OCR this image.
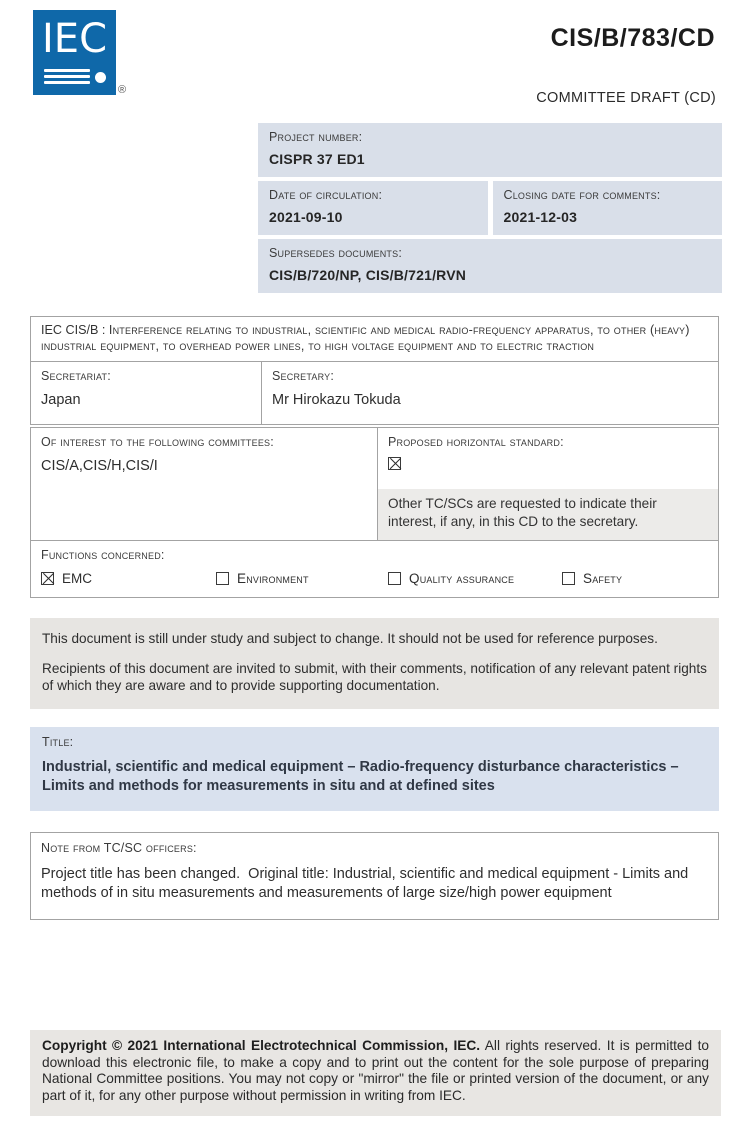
IEC
®
CIS/B/783/CD
COMMITTEE DRAFT (CD)
Project number:
CISPR 37 ED1
Date of circulation:
2021-09-10
Closing date for comments:
2021-12-03
Supersedes documents:
CIS/B/720/NP, CIS/B/721/RVN
IEC CIS/B : Interference relating to industrial, scientific and medical radio-frequency apparatus, to other (heavy) industrial equipment, to overhead power lines, to high voltage equipment and to electric traction
Secretariat:
Japan
Secretary:
Mr Hirokazu Tokuda
Of interest to the following committees:
CIS/A,CIS/H,CIS/I
Proposed horizontal standard:
Other TC/SCs are requested to indicate their interest, if any, in this CD to the secretary.
Functions concerned:
EMC	Environment	Quality assurance	Safety

This document is still under study and subject to change. It should not be used for reference purposes.

Recipients of this document are invited to submit, with their comments, notification of any relevant patent rights of which they are aware and to provide supporting documentation.

Title:
Industrial, scientific and medical equipment – Radio-frequency disturbance characteristics – Limits and methods for measurements in situ and at defined sites
Note from TC/SC officers:
Project title has been changed.  Original title: Industrial, scientific and medical equipment - Limits and methods of in situ measurements and measurements of large size/high power equipment
Copyright © 2021 International Electrotechnical Commission, IEC. All rights reserved. It is permitted to download this electronic file, to make a copy and to print out the content for the sole purpose of preparing National Committee positions. You may not copy or "mirror" the file or printed version of the document, or any part of it, for any other purpose without permission in writing from IEC.
